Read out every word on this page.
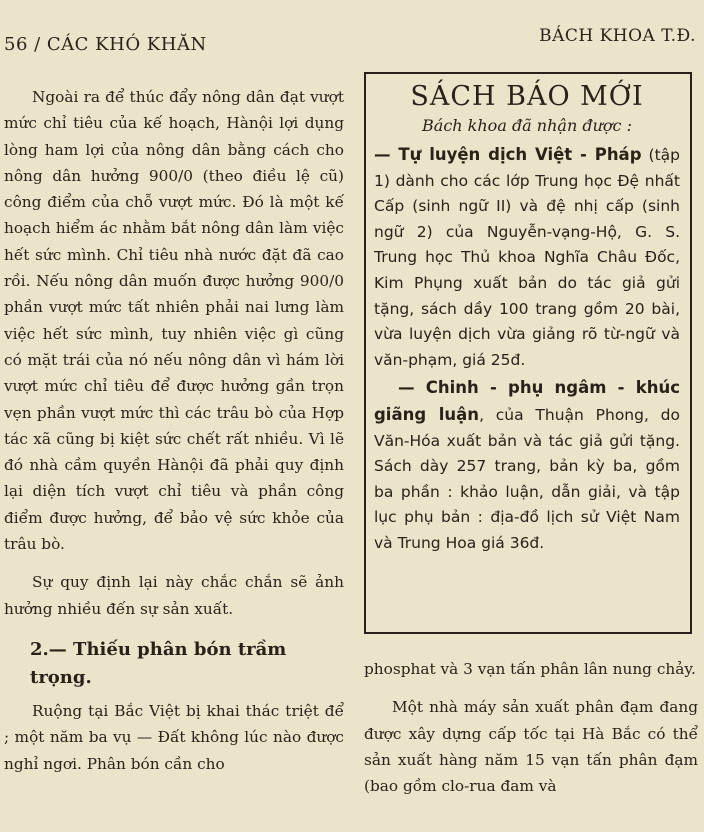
56 / CÁC KHÓ KHĂN	BÁCH KHOA T.Đ.

Ngoài ra để thúc đẩy nông dân đạt vượt mức chỉ tiêu của kế hoạch, Hànội lợi dụng lòng ham lợi của nông dân bằng cách cho nông dân hưởng 900/0 (theo điều lệ cũ) công điểm của chỗ vượt mức. Đó là một kế hoạch hiểm ác nhằm bắt nông dân làm việc hết sức mình. Chỉ tiêu nhà nước đặt đã cao rồi. Nếu nông dân muốn được hưởng 900/0 phần vượt mức tất nhiên phải nai lưng làm việc hết sức mình, tuy nhiên việc gì cũng có mặt trái của nó nếu nông dân vì hám lời vượt mức chỉ tiêu để được hưởng gần trọn vẹn phần vượt mức thì các trâu bò của Hợp tác xã cũng bị kiệt sức chết rất nhiều. Vì lẽ đó nhà cầm quyền Hànội đã phải quy định lại diện tích vượt chỉ tiêu và phần công điểm được hưởng, để bảo vệ sức khỏe của trâu bò.

Sự quy định lại này chắc chắn sẽ ảnh hưởng nhiều đến sự sản xuất.

2.— Thiếu phân bón trầm trọng.

Ruộng tại Bắc Việt bị khai thác triệt để ; một năm ba vụ — Đất không lúc nào được nghỉ ngơi. Phân bón cần cho

SÁCH BÁO MỚI

Bách khoa đã nhận được :

— Tự luyện dịch Việt - Pháp (tập 1) dành cho các lớp Trung học Đệ nhất Cấp (sinh ngữ II) và đệ nhị cấp (sinh ngữ 2) của Nguyễn-vạng-Hộ, G. S. Trung học Thủ khoa Nghĩa Châu Đốc, Kim Phụng xuất bản do tác giả gửi tặng, sách dầy 100 trang gồm 20 bài, vừa luyện dịch vừa giảng rõ từ-ngữ và văn-phạm, giá 25đ.

— Chinh - phụ ngâm - khúc giãng luận, của Thuận Phong, do Văn-Hóa xuất bản và tác giả gửi tặng. Sách dày 257 trang, bản kỳ ba, gồm ba phần : khảo luận, dẫn giải, và tập lục phụ bản : địa-đồ lịch sử Việt Nam và Trung Hoa giá 36đ.

phosphat và 3 vạn tấn phân lân nung chảy.

Một nhà máy sản xuất phân đạm đang được xây dựng cấp tốc tại Hà Bắc có thể sản xuất hàng năm 15 vạn tấn phân đạm (bao gồm clo-rua đam và
